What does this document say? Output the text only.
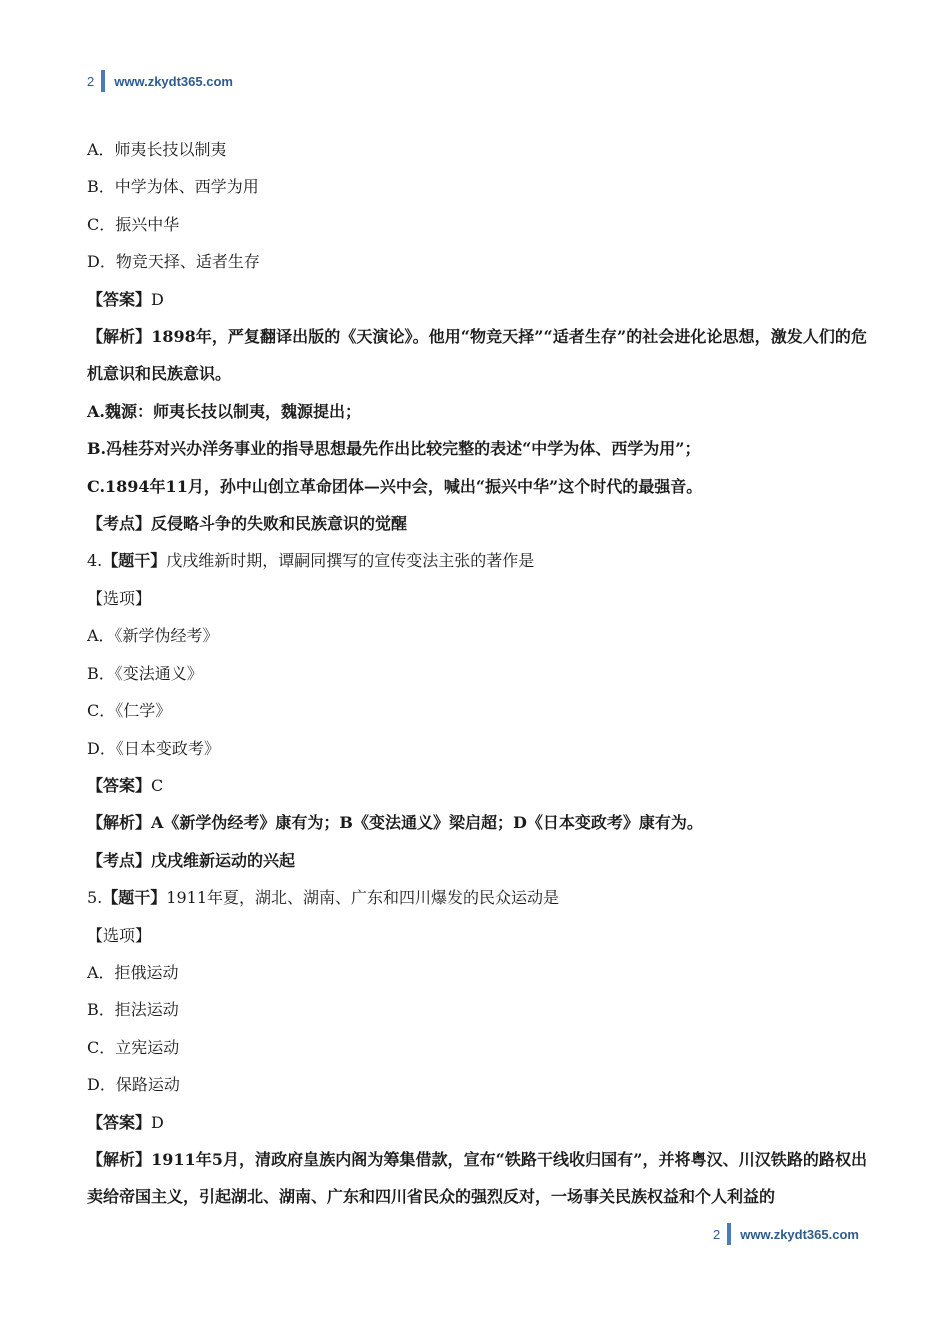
2 www.zkydt365.com
A．师夷长技以制夷
B．中学为体、西学为用
C．振兴中华
D．物竞天择、适者生存
【答案】D
【解析】1898年，严复翻译出版的《天演论》。他用“物竞天择”“适者生存”的社会进化论思想，激发人们的危机意识和民族意识。
A.魏源：师夷长技以制夷，魏源提出；
B.冯桂芬对兴办洋务事业的指导思想最先作出比较完整的表述“中学为体、西学为用”；
C.1894年11月，孙中山创立革命团体—兴中会，喊出“振兴中华”这个时代的最强音。
【考点】反侵略斗争的失败和民族意识的觉醒
4.【题干】戊戌维新时期，谭嗣同撰写的宣传变法主张的著作是
【选项】
A．《新学伪经考》
B．《变法通义》
C．《仁学》
D．《日本变政考》
【答案】C
【解析】A《新学伪经考》康有为；B《变法通义》梁启超；D《日本变政考》康有为。
【考点】戊戌维新运动的兴起
5.【题干】1911年夏，湖北、湖南、广东和四川爆发的民众运动是
【选项】
A．拒俄运动
B．拒法运动
C．立宪运动
D．保路运动
【答案】D
【解析】1911年5月，清政府皇族内阁为筹集借款，宣布“铁路干线收归国有”，并将粤汉、川汉铁路的路权出卖给帝国主义，引起湖北、湖南、广东和四川省民众的强烈反对，一场事关民族权益和个人利益的
2 www.zkydt365.com
